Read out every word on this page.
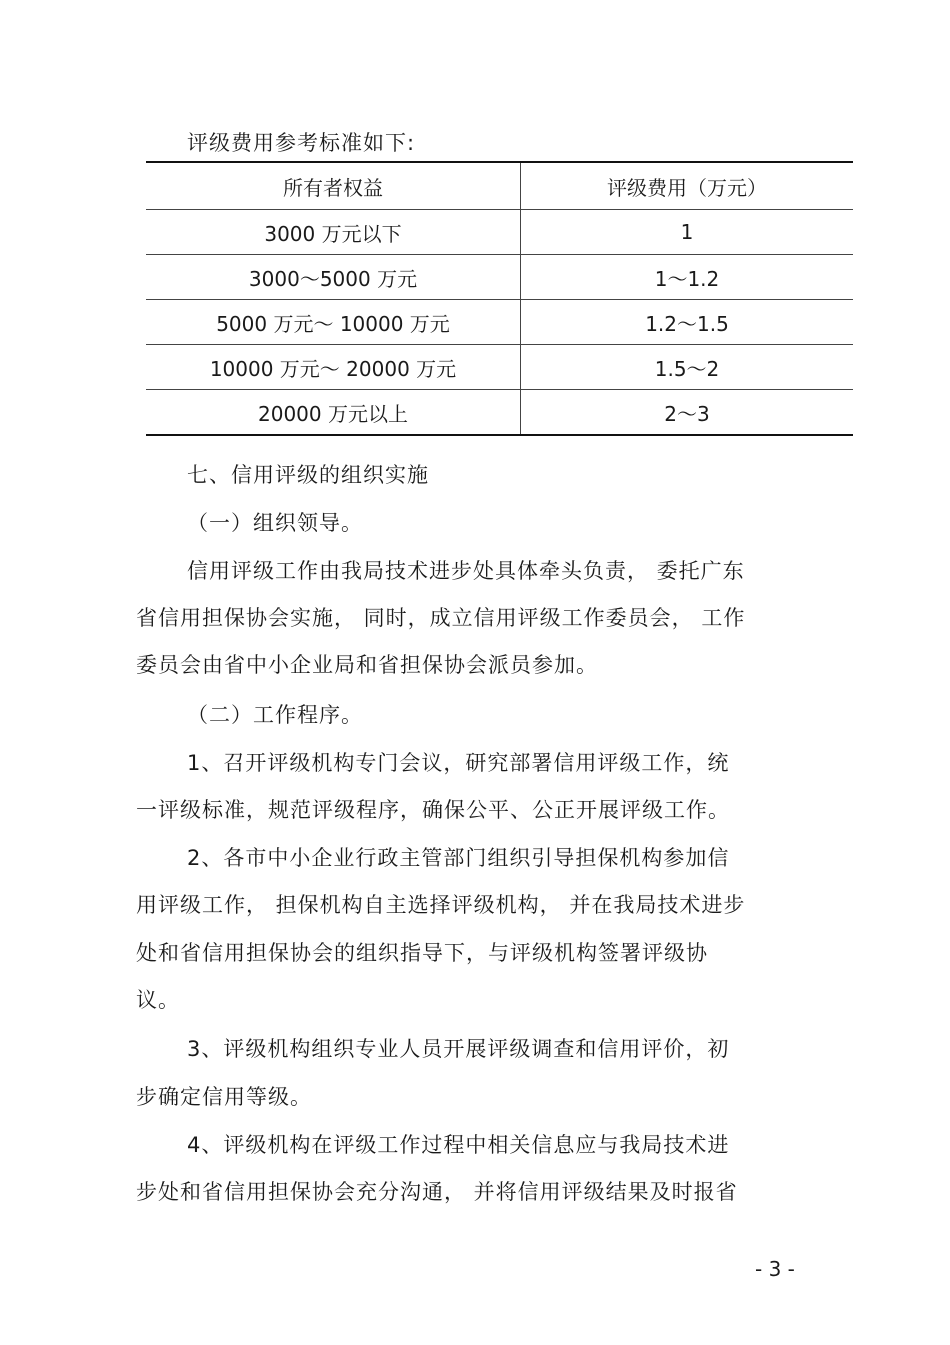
评级费用参考标准如下:
所有者权益	评级费用（万元）
3000 万元以下	1
3000～5000 万元	1～1.2
5000 万元～ 10000 万元	1.2～1.5
10000 万元～ 20000 万元	1.5～2
20000 万元以上	2～3
七、信用评级的组织实施
（一）组织领导。
信用评级工作由我局技术进步处具体牵头负责， 委托广东
省信用担保协会实施， 同时，成立信用评级工作委员会， 工作
委员会由省中小企业局和省担保协会派员参加。
（二）工作程序。
1、召开评级机构专门会议，研究部署信用评级工作，统
一评级标准，规范评级程序，确保公平、公正开展评级工作。
2、各市中小企业行政主管部门组织引导担保机构参加信
用评级工作， 担保机构自主选择评级机构， 并在我局技术进步
处和省信用担保协会的组织指导下，与评级机构签署评级协
议。
3、评级机构组织专业人员开展评级调查和信用评价，初
步确定信用等级。
4、评级机构在评级工作过程中相关信息应与我局技术进
步处和省信用担保协会充分沟通， 并将信用评级结果及时报省
- 3 -
